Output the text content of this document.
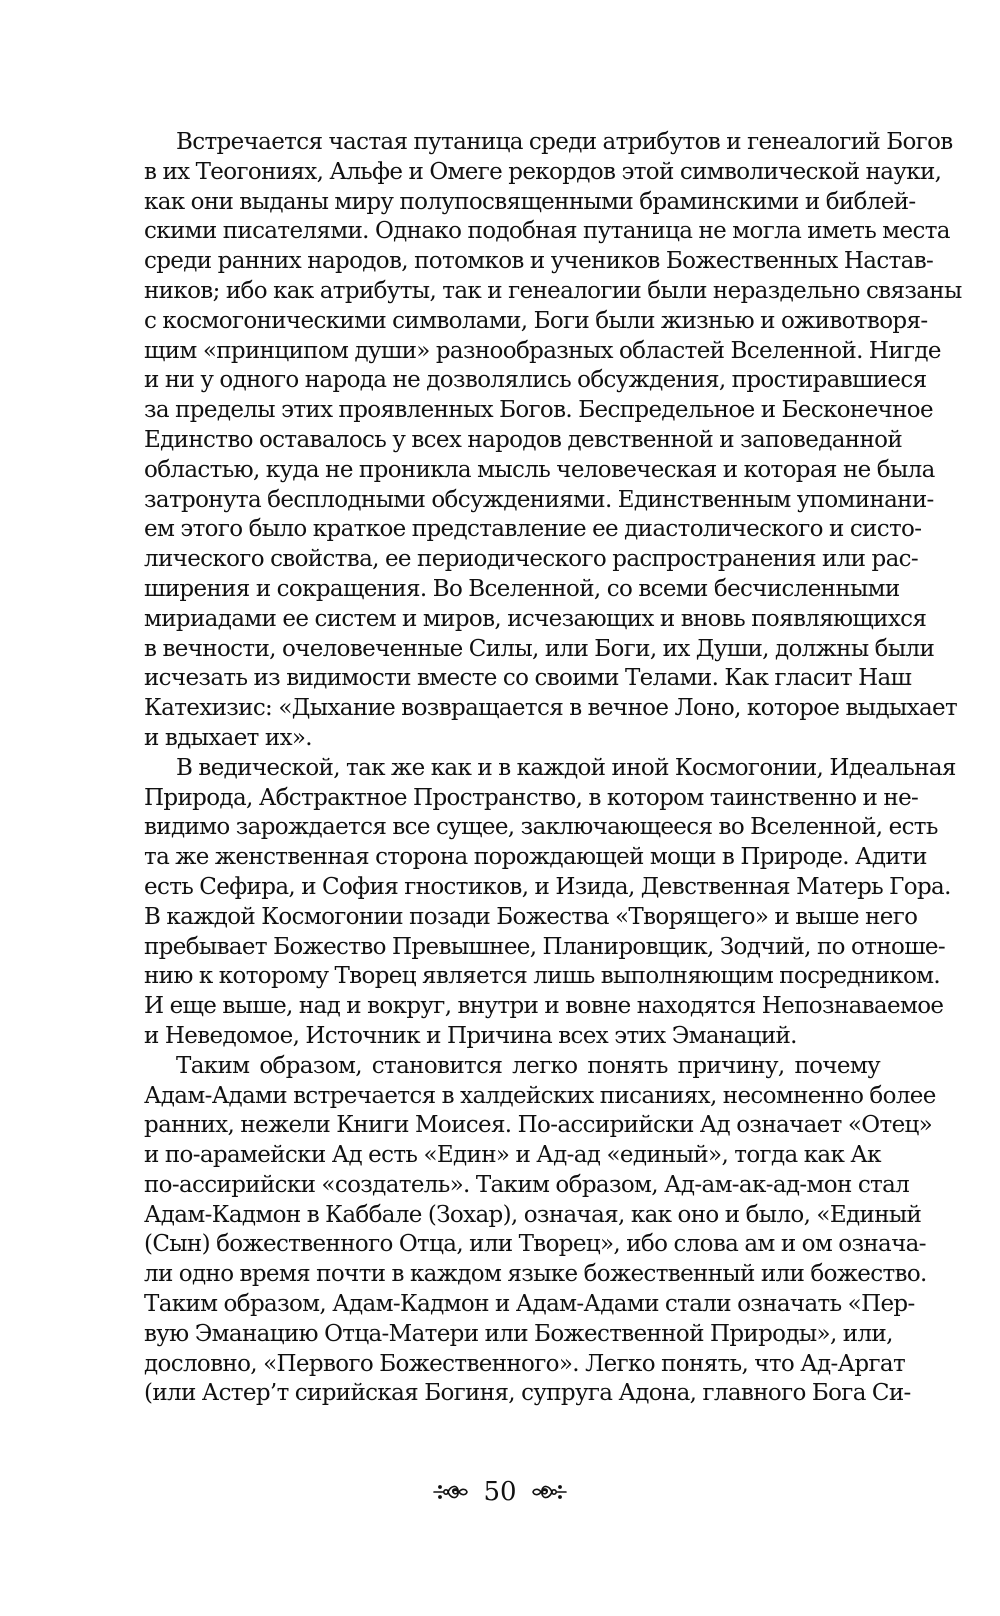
Встречается частая путаница среди атрибутов и генеалогий Богов
в их Теогониях, Альфе и Омеге рекордов этой символической науки,
как они выданы миру полупосвященными браминскими и библей-
скими писателями. Однако подобная путаница не могла иметь места
среди ранних народов, потомков и учеников Божественных Настав-
ников; ибо как атрибуты, так и генеалогии были нераздельно связаны
с космогоническими символами, Боги были жизнью и оживотворя-
щим «принципом души» разнообразных областей Вселенной. Нигде
и ни у одного народа не дозволялись обсуждения, простиравшиеся
за пределы этих проявленных Богов. Беспредельное и Бесконечное
Единство оставалось у всех народов девственной и заповеданной
областью, куда не проникла мысль человеческая и которая не была
затронута бесплодными обсуждениями. Единственным упоминани-
ем этого было краткое представление ее диастолического и систо-
лического свойства, ее периодического распространения или рас-
ширения и сокращения. Во Вселенной, со всеми бесчисленными
мириадами ее систем и миров, исчезающих и вновь появляющихся
в вечности, очеловеченные Силы, или Боги, их Души, должны были
исчезать из видимости вместе со своими Телами. Как гласит Наш
Катехизис: «Дыхание возвращается в вечное Лоно, которое выдыхает
и вдыхает их».
В ведической, так же как и в каждой иной Космогонии, Идеальная
Природа, Абстрактное Пространство, в котором таинственно и не-
видимо зарождается все сущее, заключающееся во Вселенной, есть
та же женственная сторона порождающей мощи в Природе. Адити
есть Сефира, и София гностиков, и Изида, Девственная Матерь Гора.
В каждой Космогонии позади Божества «Творящего» и выше него
пребывает Божество Превышнее, Планировщик, Зодчий, по отноше-
нию к которому Творец является лишь выполняющим посредником.
И еще выше, над и вокруг, внутри и вовне находятся Непознаваемое
и Неведомое, Источник и Причина всех этих Эманаций.
Таким образом, становится легко понять причину, почему
Адам-Адами встречается в халдейских писаниях, несомненно более
ранних, нежели Книги Моисея. По-ассирийски Ад означает «Отец»
и по-арамейски Ад есть «Един» и Ад-ад «единый», тогда как Ак
по-ассирийски «создатель». Таким образом, Ад-ам-ак-ад-мон стал
Адам-Кадмон в Каббале (Зохар), означая, как оно и было, «Единый
(Сын) божественного Отца, или Творец», ибо слова ам и ом означа-
ли одно время почти в каждом языке божественный или божество.
Таким образом, Адам-Кадмон и Адам-Адами стали означать «Пер-
вую Эманацию Отца-Матери или Божественной Природы», или,
дословно, «Первого Божественного». Легко понять, что Ад-Аргат
(или Астер’т сирийская Богиня, супруга Адона, главного Бога Си-
50
